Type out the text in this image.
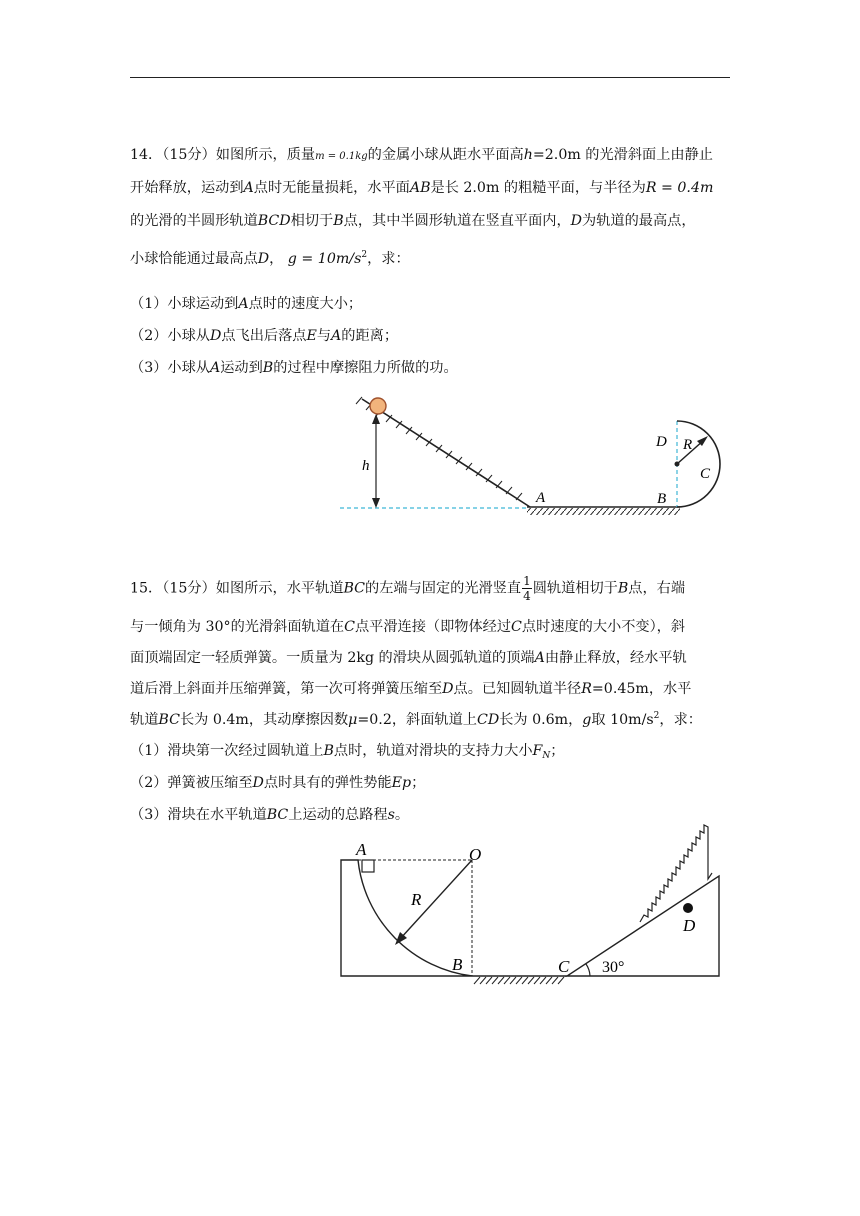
14．（15分）如图所示，质量m = 0.1kg的金属小球从距水平面高h=2.0m 的光滑斜面上由静止
开始释放，运动到A点时无能量损耗，水平面AB是长 2.0m 的粗糙平面，与半径为R = 0.4m
的光滑的半圆形轨道BCD相切于B点，其中半圆形轨道在竖直平面内，D为轨道的最高点，
小球恰能通过最高点D， $g = 10m/s^2$，求：
（1）小球运动到A点时的速度大小；
（2）小球从D点飞出后落点E与A的距离；
（3）小球从A运动到B的过程中摩擦阻力所做的功。
h
A	B
D R
C
15．（15分）如图所示，水平轨道BC的左端与固定的光滑竖直 $\frac{1}{4}$ 圆轨道相切于B点，右端
与一倾角为 30°的光滑斜面轨道在C点平滑连接（即物体经过C点时速度的大小不变），斜
面顶端固定一轻质弹簧。一质量为 2kg 的滑块从圆弧轨道的顶端A由静止释放，经水平轨
道后滑上斜面并压缩弹簧，第一次可将弹簧压缩至D点。已知圆轨道半径R=0.45m，水平
轨道BC长为 0.4m，其动摩擦因数μ=0.2，斜面轨道上CD长为 0.6m，g取 $10m/s^2$，求：
（1）滑块第一次经过圆轨道上B点时，轨道对滑块的支持力大小$F_N$；
（2）弹簧被压缩至D点时具有的弹性势能Ep；
（3）滑块在水平轨道BC上运动的总路程s。
A	O
R
B	C
D
30°
